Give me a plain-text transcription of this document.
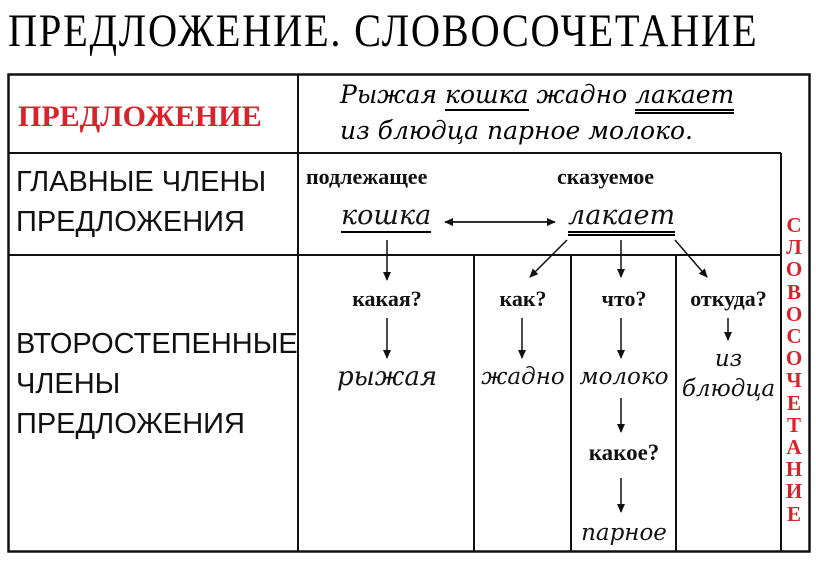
ПРЕДЛОЖЕНИЕ. СЛОВОСОЧЕТАНИЕ
ПРЕДЛОЖЕНИЕ
Рыжая кошка жадно лакает
из блюдца парное молоко.
ГЛАВНЫЕ ЧЛЕНЫ
ПРЕДЛОЖЕНИЯ
подлежащее	сказуемое
кошка	лакает
ВТОРОСТЕПЕННЫЕ
ЧЛЕНЫ
ПРЕДЛОЖЕНИЯ
какая?
рыжая
как?
жадно
что?
молоко
какое?
парное
откуда?
из
блюдца
СЛОВОСОЧЕТАНИЕ
